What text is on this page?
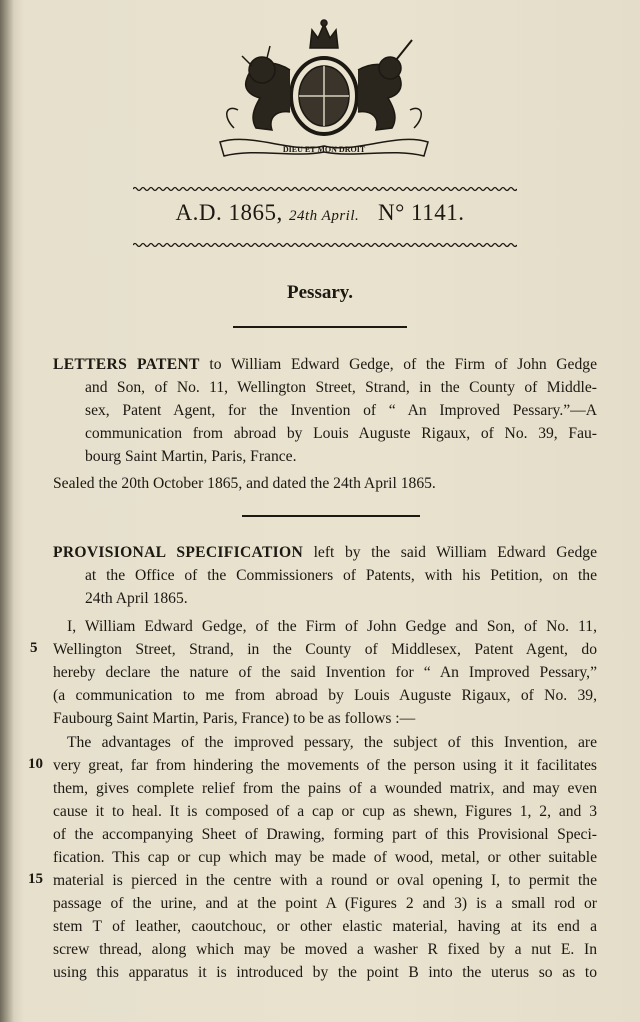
DIEU ET MON DROIT
A.D. 1865, 24th April. N° 1141.
Pessary.
LETTERS PATENT to William Edward Gedge, of the Firm of John Gedge
and Son, of No. 11, Wellington Street, Strand, in the County of Middle-
sex, Patent Agent, for the Invention of “ An Improved Pessary.”—A
communication from abroad by Louis Auguste Rigaux, of No. 39, Fau-
bourg Saint Martin, Paris, France.
Sealed the 20th October 1865, and dated the 24th April 1865.
PROVISIONAL SPECIFICATION left by the said William Edward Gedge
at the Office of the Commissioners of Patents, with his Petition, on the
24th April 1865.
I, William Edward Gedge, of the Firm of John Gedge and Son, of No. 11,
5 Wellington Street, Strand, in the County of Middlesex, Patent Agent, do
hereby declare the nature of the said Invention for “ An Improved Pessary,”
(a communication to me from abroad by Louis Auguste Rigaux, of No. 39,
Faubourg Saint Martin, Paris, France) to be as follows :—
The advantages of the improved pessary, the subject of this Invention, are
10 very great, far from hindering the movements of the person using it it facilitates
them, gives complete relief from the pains of a wounded matrix, and may even
cause it to heal. It is composed of a cap or cup as shewn, Figures 1, 2, and 3
of the accompanying Sheet of Drawing, forming part of this Provisional Speci-
fication. This cap or cup which may be made of wood, metal, or other suitable
15 material is pierced in the centre with a round or oval opening I, to permit the
passage of the urine, and at the point A (Figures 2 and 3) is a small rod or
stem T of leather, caoutchouc, or other elastic material, having at its end a
screw thread, along which may be moved a washer R fixed by a nut E. In
using this apparatus it is introduced by the point B into the uterus so as to
